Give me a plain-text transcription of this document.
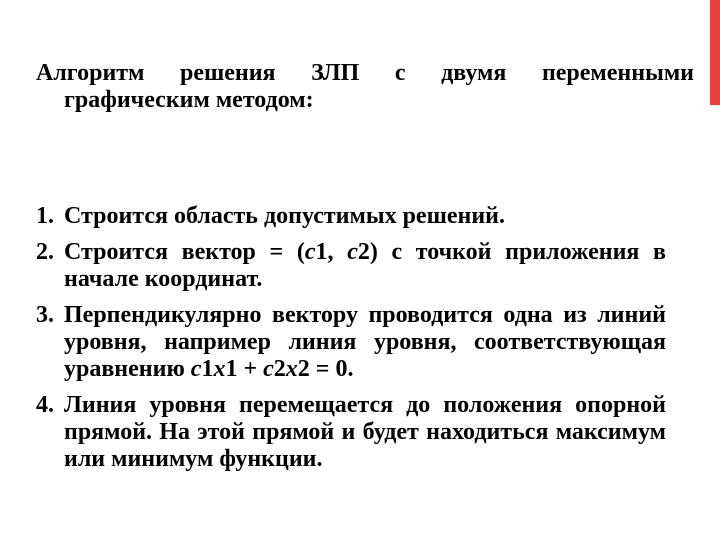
Алгоритм решения ЗЛП с двумя переменными графическим методом:
1. Строится область допустимых решений.
2. Строится вектор = (c1, c2) с точкой приложения в начале координат.
3. Перпендикулярно вектору проводится одна из линий уровня, например линия уровня, соответствующая уравнению c1x1 + c2x2 = 0.
4. Линия уровня перемещается до положения опорной прямой. На этой прямой и будет находиться максимум или минимум функции.
